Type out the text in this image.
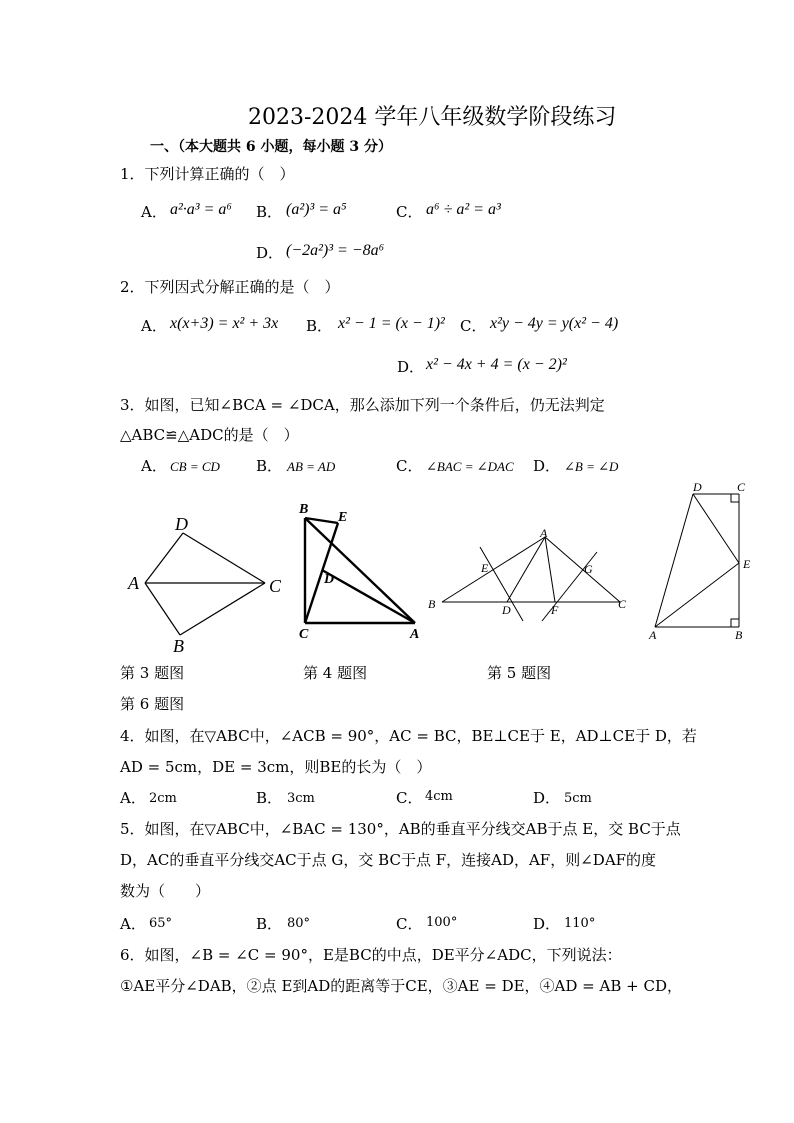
2023-2024 学年八年级数学阶段练习
一、（本大题共 6 小题，每小题 3 分）
1．下列计算正确的（　）
A． a²·a³ = a⁶ B． (a²)³ = a⁵	C． a⁶ ÷ a² = a³
D． (−2a²)³ = −8a⁶
2．下列因式分解正确的是（　）
A． x(x+3) = x² + 3x B． x² − 1 = (x − 1)² C． x²y − 4y = y(x² − 4)
D． x² − 4x + 4 = (x − 2)²
3．如图，已知∠BCA = ∠DCA，那么添加下列一个条件后，仍无法判定
△ABC≌△ADC的是（　）
A． CB = CD B． AB = AD	C． ∠BAC = ∠DAC D． ∠B = ∠D
D
A	C
B
B
E
D
C	A
A
B	C
E	G
D	F
D	C
E
A	B
第 3 题图	第 4 题图	第 5 题图
第 6 题图
4．如图，在▽ABC中，∠ACB = 90°，AC = BC，BE⊥CE于 E，AD⊥CE于 D，若
AD = 5cm，DE = 3cm，则BE的长为（　）
A． 2cm	B． 3cm	C． 4cm	D． 5cm
5．如图，在▽ABC中，∠BAC = 130°，AB的垂直平分线交AB于点 E，交 BC于点
D，AC的垂直平分线交AC于点 G，交 BC于点 F，连接AD，AF，则∠DAF的度
数为（　　）
A． 65°	B． 80°	C． 100°	D． 110°
6．如图，∠B = ∠C = 90°，E是BC的中点，DE平分∠ADC，下列说法：
①AE平分∠DAB，②点 E到AD的距离等于CE，③AE = DE，④AD = AB + CD，
